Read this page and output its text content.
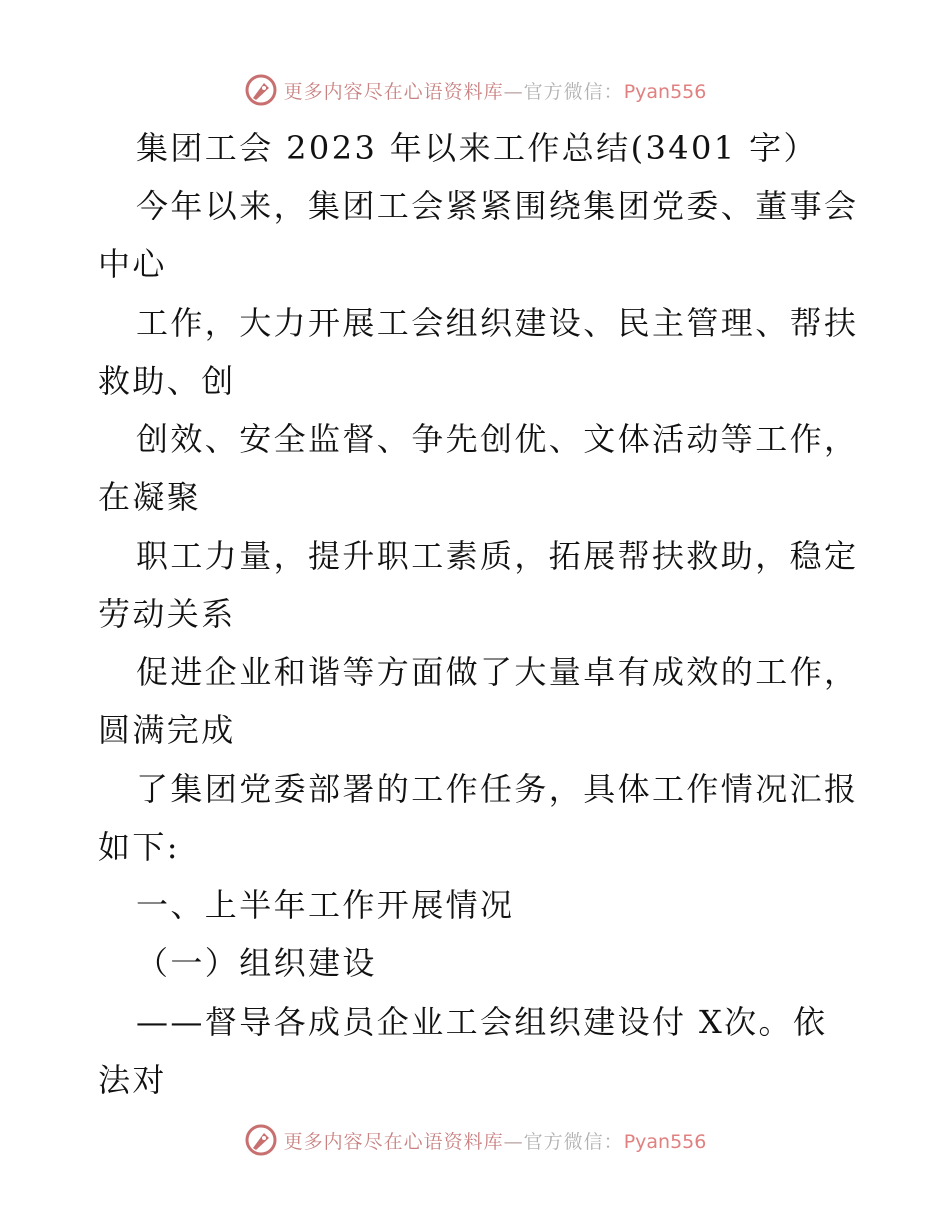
更多内容尽在心语资料库—官方微信：Pyan556
集团工会 2023 年以来工作总结(3401 字）
今年以来，集团工会紧紧围绕集团党委、董事会
中心
工作，大力开展工会组织建设、民主管理、帮扶
救助、创
创效、安全监督、争先创优、文体活动等工作，
在凝聚
职工力量，提升职工素质，拓展帮扶救助，稳定
劳动关系
促进企业和谐等方面做了大量卓有成效的工作，
圆满完成
了集团党委部署的工作任务，具体工作情况汇报
如下:
一、上半年工作开展情况
（一）组织建设
——督导各成员企业工会组织建设付 X次。依
法对
更多内容尽在心语资料库—官方微信：Pyan556
